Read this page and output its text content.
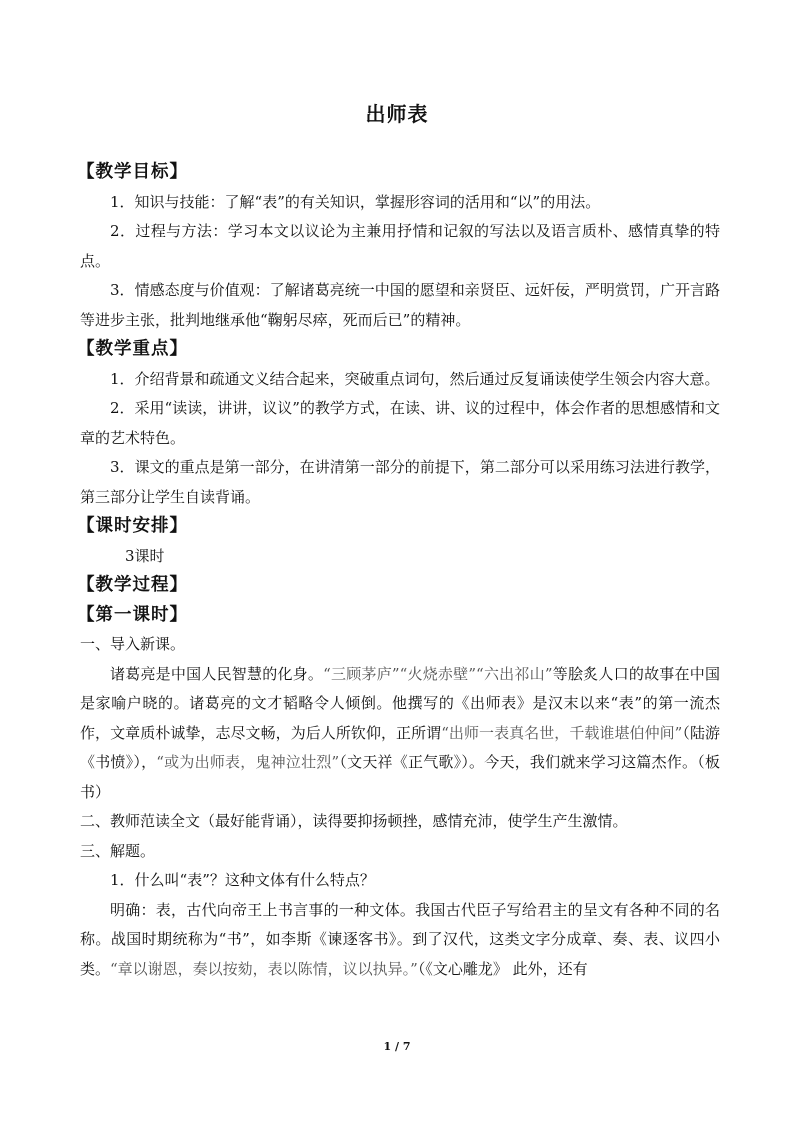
出师表
【教学目标】

1．知识与技能：了解“表”的有关知识，掌握形容词的活用和“以”的用法。

2．过程与方法：学习本文以议论为主兼用抒情和记叙的写法以及语言质朴、感情真挚的特点。

3．情感态度与价值观：了解诸葛亮统一中国的愿望和亲贤臣、远奸佞，严明赏罚，广开言路等进步主张，批判地继承他“鞠躬尽瘁，死而后已”的精神。

【教学重点】

1．介绍背景和疏通文义结合起来，突破重点词句，然后通过反复诵读使学生领会内容大意。

2．采用“读读，讲讲，议议”的教学方式，在读、讲、议的过程中，体会作者的思想感情和文章的艺术特色。

3．课文的重点是第一部分，在讲清第一部分的前提下，第二部分可以采用练习法进行教学，第三部分让学生自读背诵。

【课时安排】

3课时

【教学过程】
【第一课时】

一、导入新课。

诸葛亮是中国人民智慧的化身。“三顾茅庐”“火烧赤壁”“六出祁山”等脍炙人口的故事在中国是家喻户晓的。诸葛亮的文才韬略令人倾倒。他撰写的《出师表》是汉末以来“表”的第一流杰作，文章质朴诚挚，志尽文畅，为后人所钦仰，正所谓“出师一表真名世，千载谁堪伯仲间”（陆游《书愤》），“或为出师表，鬼神泣壮烈”（文天祥《正气歌》）。今天，我们就来学习这篇杰作。（板书）

二、教师范读全文（最好能背诵），读得要抑扬顿挫，感情充沛，使学生产生激情。

三、解题。

1．什么叫“表”？这种文体有什么特点？

明确：表，古代向帝王上书言事的一种文体。我国古代臣子写给君主的呈文有各种不同的名称。战国时期统称为“书”，如李斯《谏逐客书》。到了汉代，这类文字分成章、奏、表、议四小类。“章以谢恩，奏以按劾，表以陈情，议以执异。”（《文心雕龙》 此外，还有

1 / 7
